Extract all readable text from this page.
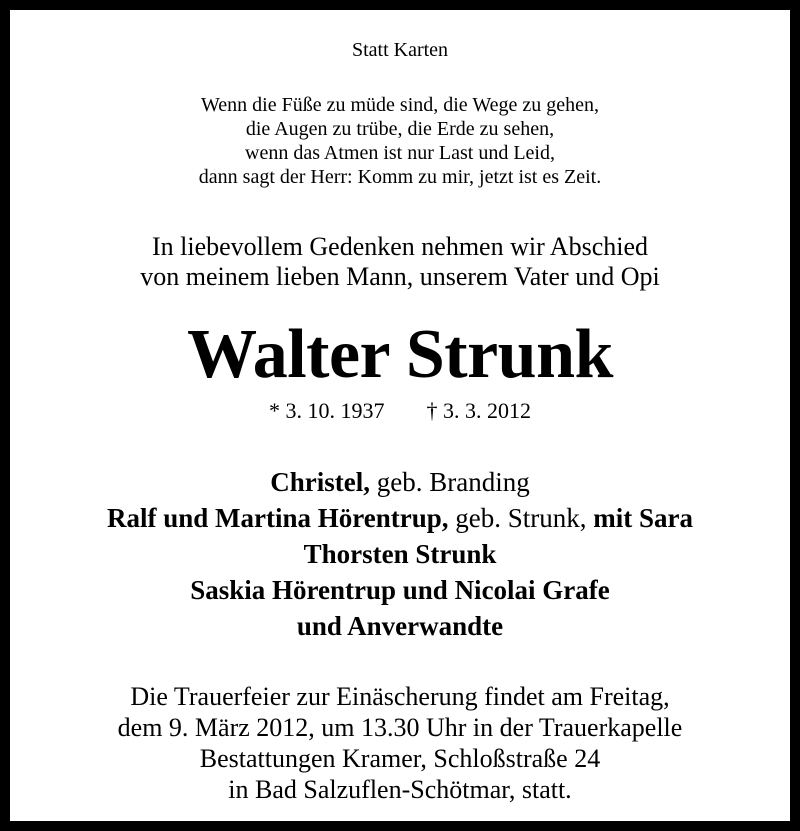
Statt Karten
Wenn die Füße zu müde sind, die Wege zu gehen,
die Augen zu trübe, die Erde zu sehen,
wenn das Atmen ist nur Last und Leid,
dann sagt der Herr: Komm zu mir, jetzt ist es Zeit.
In liebevollem Gedenken nehmen wir Abschied
von meinem lieben Mann, unserem Vater und Opi
Walter Strunk
* 3. 10. 1937 † 3. 3. 2012
Christel, geb. Branding
Ralf und Martina Hörentrup, geb. Strunk, mit Sara
Thorsten Strunk
Saskia Hörentrup und Nicolai Grafe
und Anverwandte
Die Trauerfeier zur Einäscherung findet am Freitag,
dem 9. März 2012, um 13.30 Uhr in der Trauerkapelle
Bestattungen Kramer, Schloßstraße 24
in Bad Salzuflen-Schötmar, statt.
